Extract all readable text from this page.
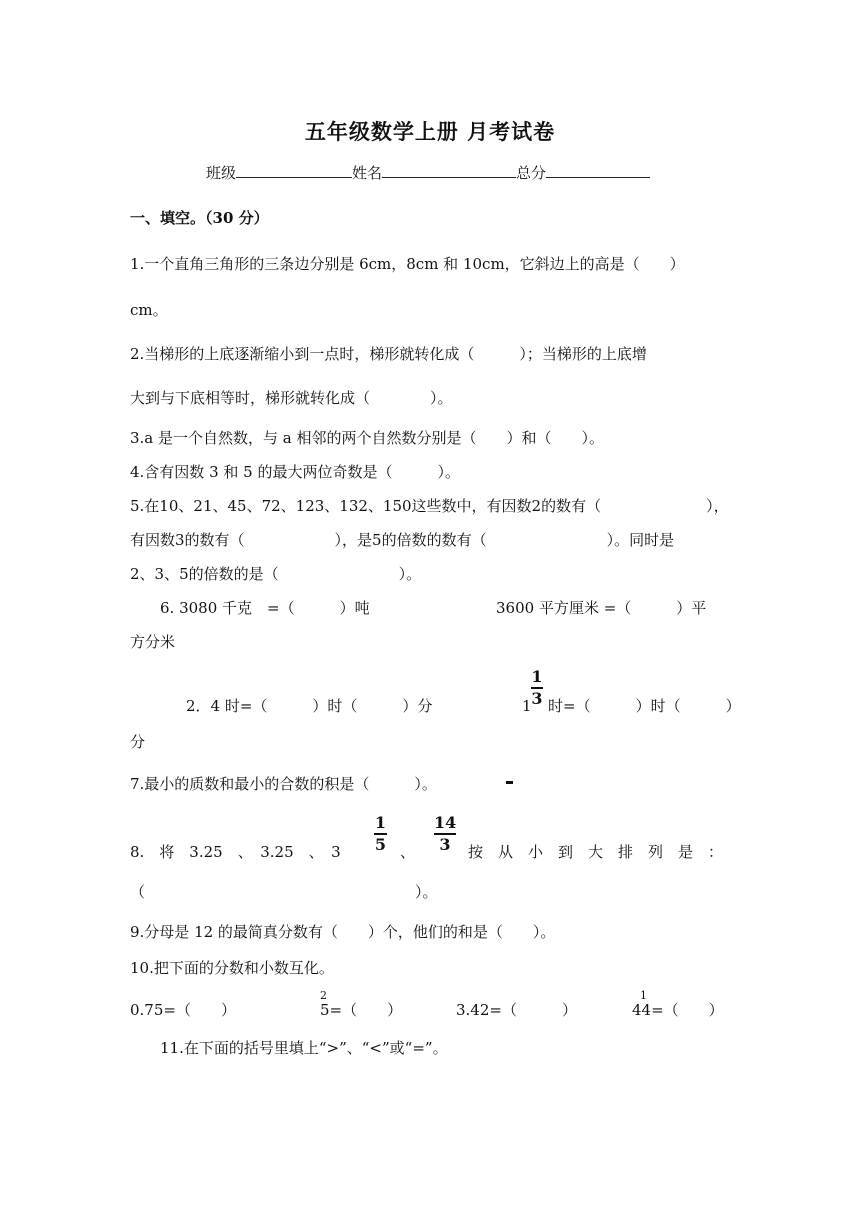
五年级数学上册 月考试卷
班级	姓名	总分
一、填空。（30 分）
1.一个直角三角形的三条边分别是 6cm，8cm 和 10cm，它斜边上的高是（　　）
cm。
2.当梯形的上底逐渐缩小到一点时，梯形就转化成（　　　）；当梯形的上底增
大到与下底相等时，梯形就转化成（　　　　）。
3.a 是一个自然数，与 a 相邻的两个自然数分别是（　　）和（　　）。
4.含有因数 3 和 5 的最大两位奇数是（　　　）。
5.在10、21、45、72、123、132、150这些数中，有因数2的数有（　　　　　　　），
有因数3的数有（　　　　　　），是5的倍数的数有（　　　　　　　　）。同时是
2、3、5的倍数的是（　　　　　　　　）。
6. 3080 千克　=（　　　）吨	3600 平方厘米 =（　　　）平
方分米
2．4 时=（　　　）时（　　　）分	1
1
3 时=（　　　）时（　　　）
分
7.最小的质数和最小的合数的积是（　　　）。
8.　将　3.25　、　3.25　、　3
1
5 、
14
3	按　从　小　到　大　排　列　是　：
（　　　　　　　　　　　　　　　　　　）。
9.分母是 12 的最简真分数有（　　）个，他们的和是（　　）。
10.把下面的分数和小数互化。
0.75=（　　）
2
5=（　　）	3.42=（　　　）
1
44=（　　）
11.在下面的括号里填上“>”、“<”或“=”。
